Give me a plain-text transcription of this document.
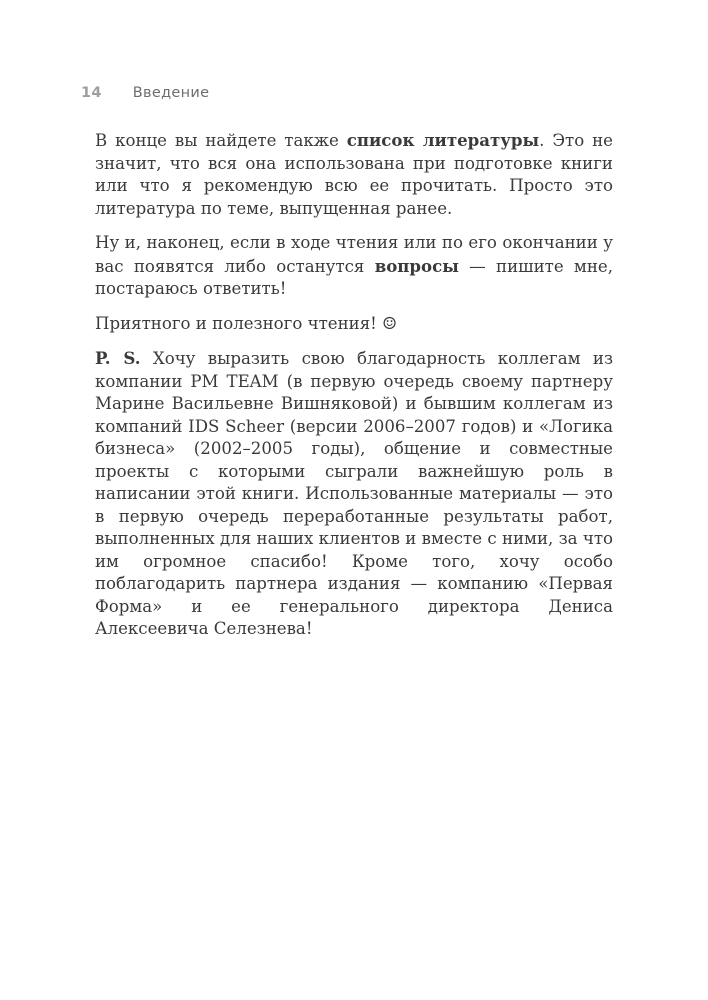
14 Введение

В конце вы найдете также список литературы. Это не значит, что вся она использована при подготовке книги или что я рекомендую всю ее прочитать. Просто это литература по теме, выпущенная ранее.

Ну и, наконец, если в ходе чтения или по его окончании у вас появятся либо останутся вопросы — пишите мне, постараюсь ответить!

Приятного и полезного чтения! ☺

P. S. Хочу выразить свою благодарность коллегам из компании PM TEAM (в первую очередь своему партнеру Марине Васильевне Вишняковой) и бывшим коллегам из компаний IDS Scheer (версии 2006–2007 годов) и «Логика бизнеса» (2002–2005 годы), общение и совместные проекты с которыми сыграли важнейшую роль в написании этой книги. Использованные материалы — это в первую очередь переработанные результаты работ, выполненных для наших клиентов и вместе с ними, за что им огромное спасибо! Кроме того, хочу особо поблагодарить партнера издания — компанию «Первая Форма» и ее генерального директора Дениса Алексеевича Селезнева!
